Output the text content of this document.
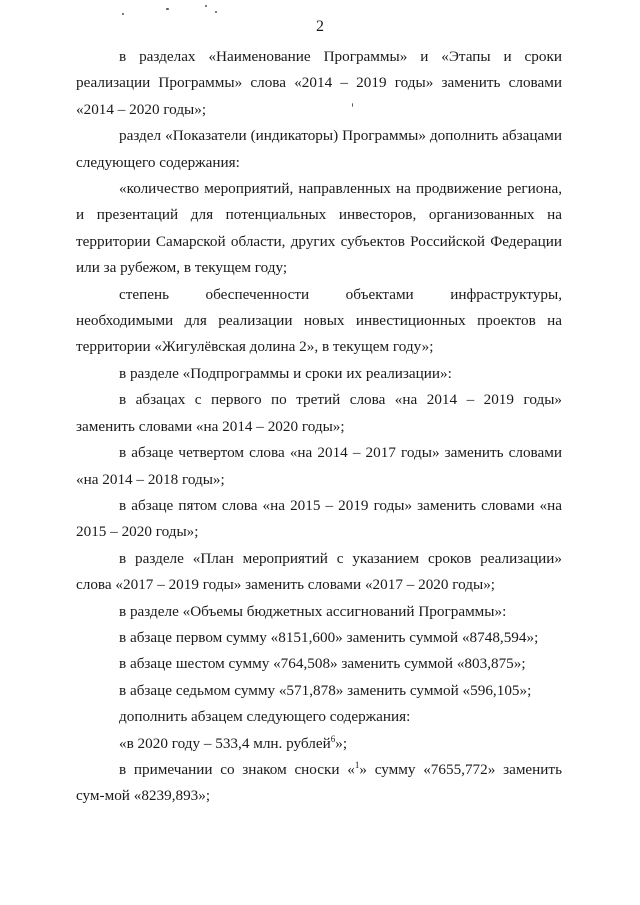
2

в разделах «Наименование Программы» и «Этапы и сроки реализации Программы» слова «2014 – 2019 годы» заменить словами «2014 – 2020 годы»;

раздел «Показатели (индикаторы) Программы» дополнить абзацами следующего содержания:

«количество мероприятий, направленных на продвижение региона, и презентаций для потенциальных инвесторов, организованных на территории Самарской области, других субъектов Российской Федерации или за рубежом, в текущем году;

степень обеспеченности объектами инфраструктуры, необходимыми для реализации новых инвестиционных проектов на территории «Жигулёвская долина 2», в текущем году»;

в разделе «Подпрограммы и сроки их реализации»:

в абзацах с первого по третий слова «на 2014 – 2019 годы» заменить словами «на 2014 – 2020 годы»;

в абзаце четвертом слова «на 2014 – 2017 годы» заменить словами «на 2014 – 2018 годы»;

в абзаце пятом слова «на 2015 – 2019 годы» заменить словами «на 2015 – 2020 годы»;

в разделе «План мероприятий с указанием сроков реализации» слова «2017 – 2019 годы» заменить словами «2017 – 2020 годы»;

в разделе «Объемы бюджетных ассигнований Программы»:

в абзаце первом сумму «8151,600» заменить суммой «8748,594»;

в абзаце шестом сумму «764,508» заменить суммой «803,875»;

в абзаце седьмом сумму «571,878» заменить суммой «596,105»;

дополнить абзацем следующего содержания:

«в 2020 году – 533,4 млн. рублей$^6$»;

в примечании со знаком сноски «$^1$» сумму «7655,772» заменить сум-мой «8239,893»;
